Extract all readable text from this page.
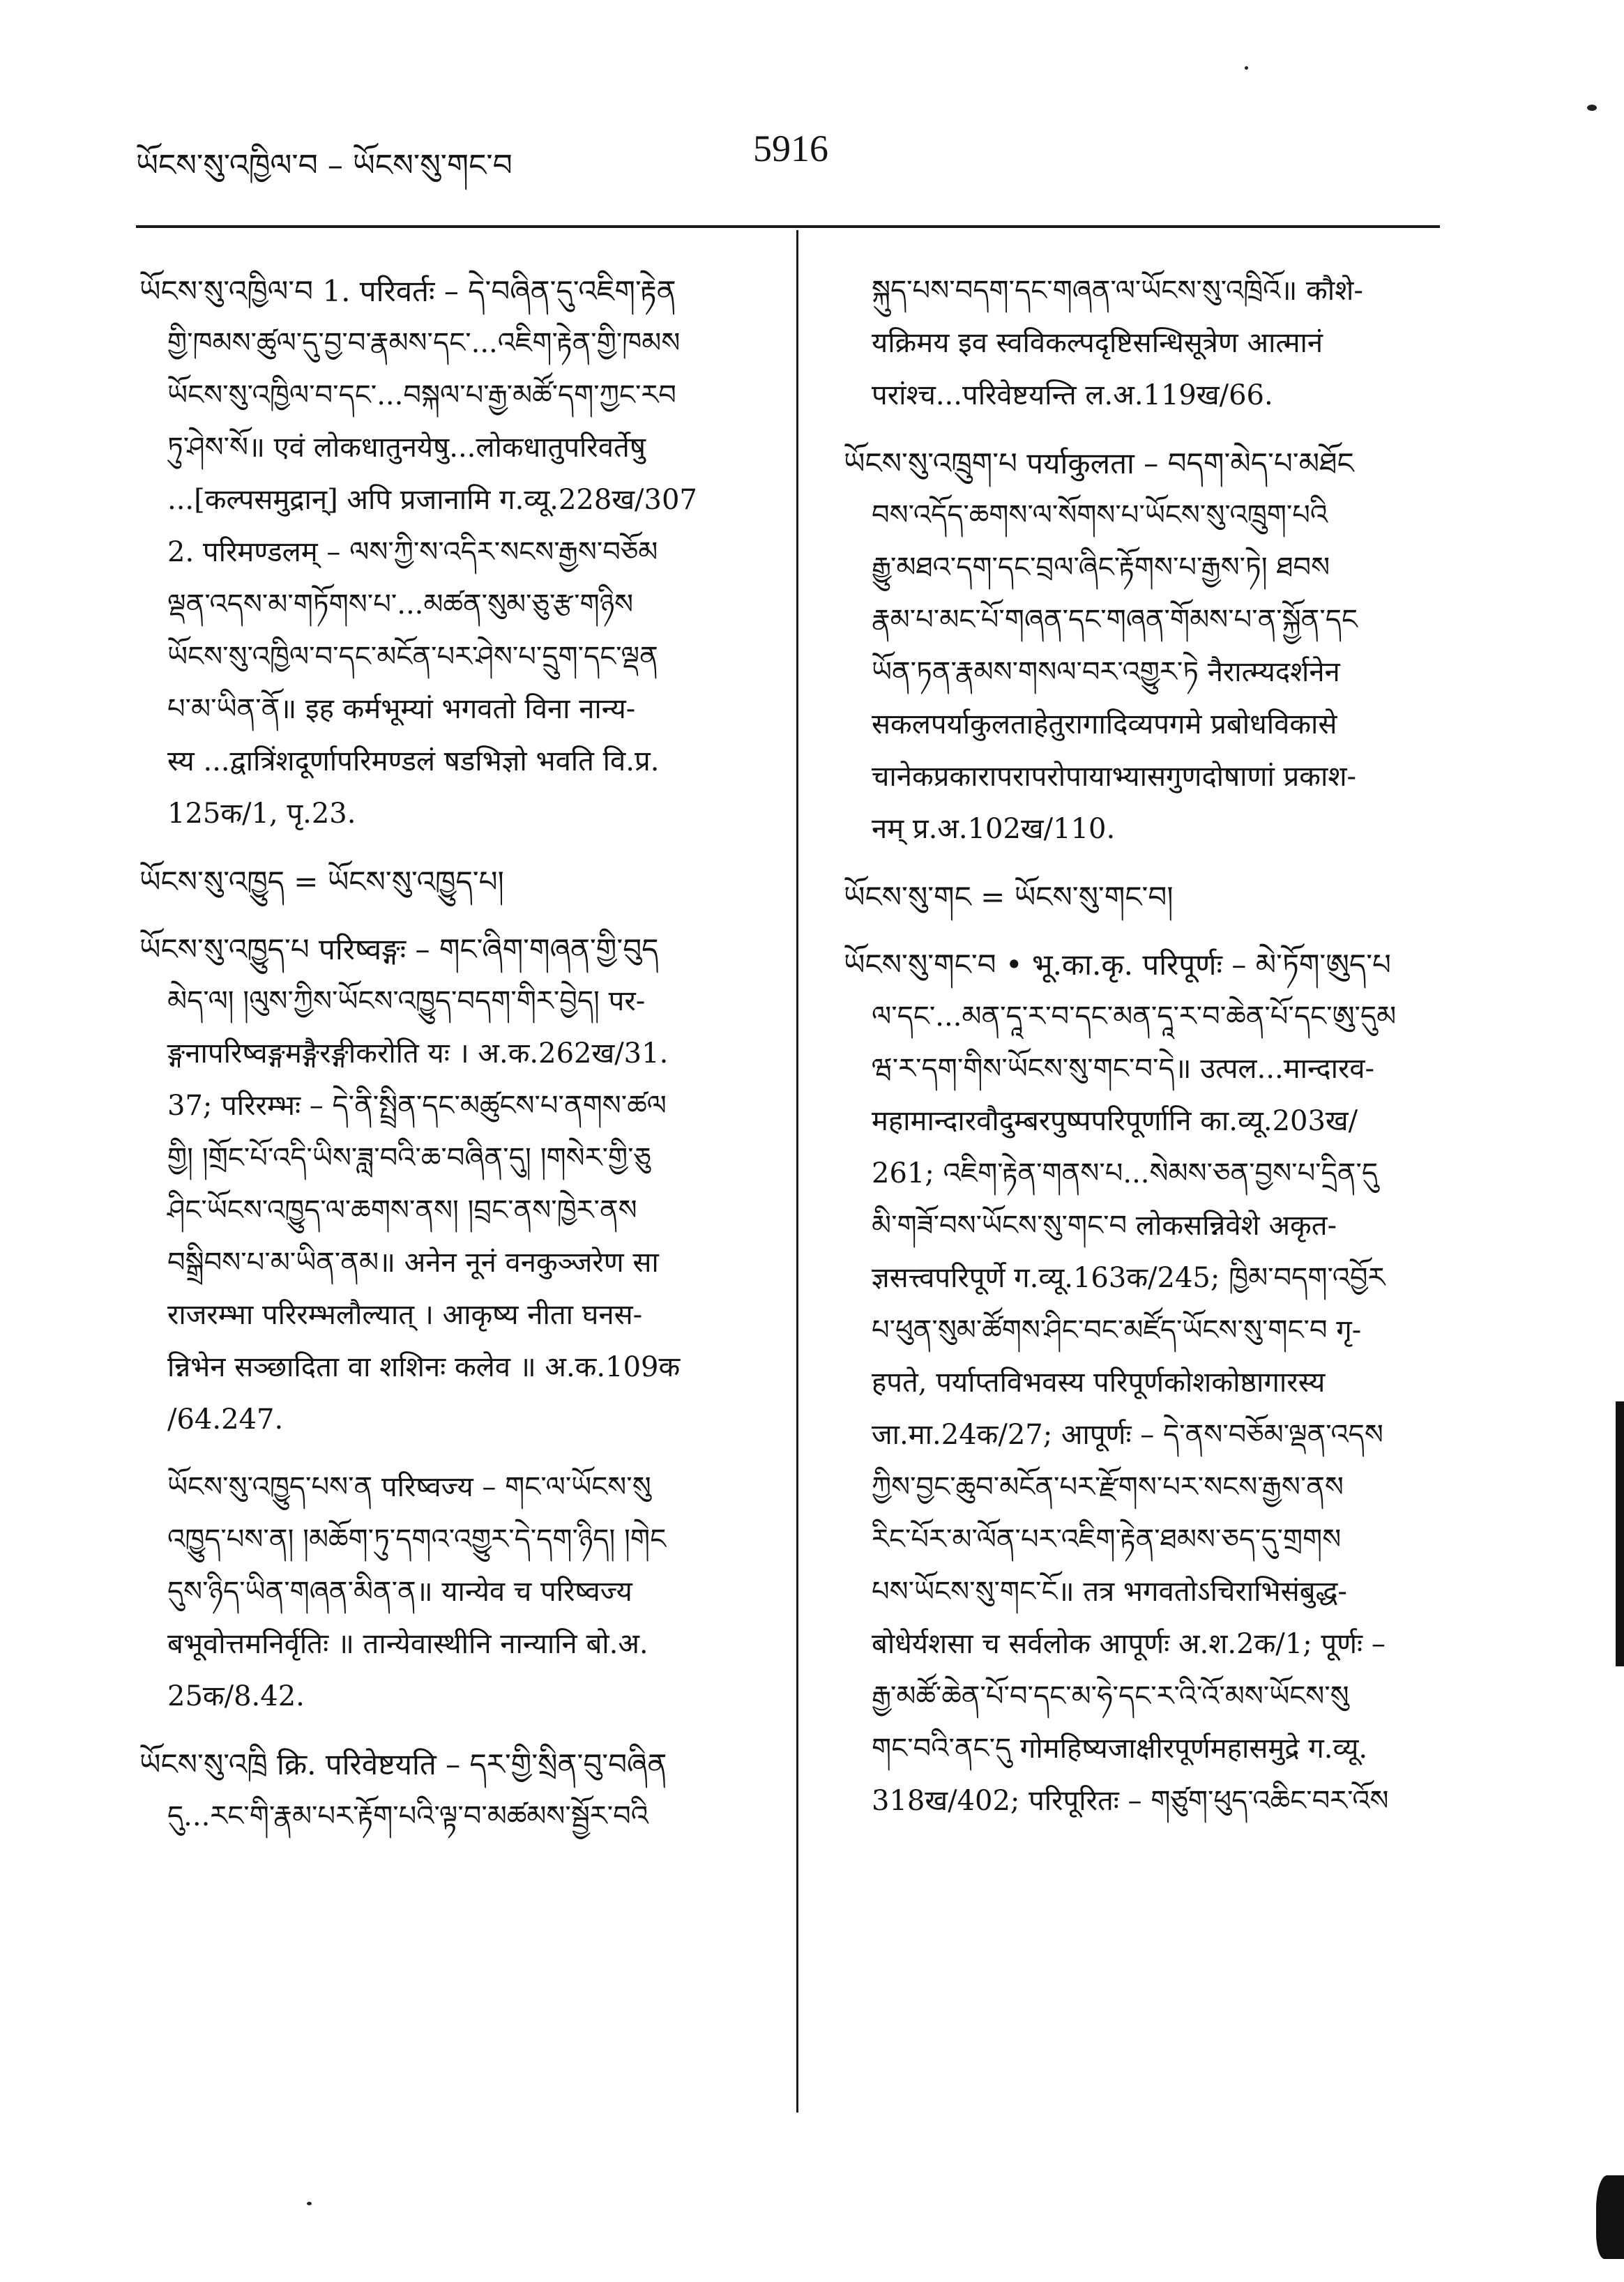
ཡོངས་སུ་འཁྱིལ་བ – ཡོངས་སུ་གང་བ	5916
ཡོངས་སུ་འཁྱིལ་བ 1. परिवर्तः – དེ་བཞིན་དུ་འཇིག་རྟེན
གྱི་ཁམས་ཚུལ་དུ་བྱ་བ་རྣམས་དང་...འཇིག་རྟེན་གྱི་ཁམས
ཡོངས་སུ་འཁྱིལ་བ་དང་...བསྐལ་པ་རྒྱ་མཚོ་དག་ཀྱང་རབ
ཏུ་ཤེས་སོ॥ एवं लोकधातुनयेषु...लोकधातुपरिवर्तेषु
...[कल्पसमुद्रान्] अपि प्रजानामि ग.व्यू.228ख/307
2. परिमण्डलम् – ལས་ཀྱི་ས་འདིར་སངས་རྒྱས་བཅོམ
ལྡན་འདས་མ་གཏོགས་པ་...མཚན་སུམ་ཅུ་རྩ་གཉིས
ཡོངས་སུ་འཁྱིལ་བ་དང་མངོན་པར་ཤེས་པ་དྲུག་དང་ལྡན
པ་མ་ཡིན་ནོ॥ इह कर्मभूम्यां भगवतो विना नान्य-
स्य ...द्वात्रिंशदूर्णापरिमण्डलं षडभिज्ञो भवति वि.प्र.
125क/1, पृ.23.
ཡོངས་སུ་འཁྱུད = ཡོངས་སུ་འཁྱུད་པ།
ཡོངས་སུ་འཁྱུད་པ परिष्वङ्गः – གང་ཞིག་གཞན་གྱི་བུད
མེད་ལ། །ལུས་ཀྱིས་ཡོངས་འཁྱུད་བདག་གིར་བྱེད། पर-
ङ्गनापरिष्वङ्गमङ्गैरङ्गीकरोति यः । अ.क.262ख/31.
37; परिरम्भः – དེ་ནི་སྤྲིན་དང་མཚུངས་པ་ནགས་ཚལ
གྱི། །གྲོང་པོ་འདི་ཡིས་ཟླ་བའི་ཆ་བཞིན་དུ། །གསེར་གྱི་ཅུ
ཤིང་ཡོངས་འཁྱུད་ལ་ཆགས་ནས། །བྲང་ནས་ཁྱེར་ནས
བསྒྲིབས་པ་མ་ཡིན་ནམ॥ अनेन नूनं वनकुञ्जरेण सा
राजरम्भा परिरम्भलौल्यात् । आकृष्य नीता घनस-
न्निभेन सञ्छादिता वा शशिनः कलेव ॥ अ.क.109क
/64.247.
ཡོངས་སུ་འཁྱུད་པས་ན परिष्वज्य – གང་ལ་ཡོངས་སུ
འཁྱུད་པས་ན། །མཆོག་ཏུ་དགའ་འགྱུར་དེ་དག་ཉིད། །གེང
དུས་ཉིད་ཡིན་གཞན་མིན་ན॥ यान्येव च परिष्वज्य
बभूवोत्तमनिर्वृतिः ॥ तान्येवास्थीनि नान्यानि बो.अ.
25क/8.42.
ཡོངས་སུ་འཁྲི क्रि. परिवेष्टयति – དར་གྱི་སྲིན་བུ་བཞིན
དུ...རང་གི་རྣམ་པར་རྟོག་པའི་ལྟ་བ་མཚམས་སྦྱོར་བའི
སྐུད་པས་བདག་དང་གཞན་ལ་ཡོངས་སུ་འཁྲིའོ॥ कौशे-
यक्रिमय इव स्वविकल्पदृष्टिसन्धिसूत्रेण आत्मानं
परांश्च...परिवेष्टयन्ति ल.अ.119ख/66.
ཡོངས་སུ་འཁྲུག་པ पर्याकुलता – བདག་མེད་པ་མཐོང
བས་འདོད་ཆགས་ལ་སོགས་པ་ཡོངས་སུ་འཁྲུག་པའི
རྒྱུ་མཐའ་དག་དང་བྲལ་ཞིང་རྟོགས་པ་རྒྱས་ཏེ། ཐབས
རྣམ་པ་མང་པོ་གཞན་དང་གཞན་གོམས་པ་ན་སྐྱོན་དང
ཡོན་ཏན་རྣམས་གསལ་བར་འགྱུར་ཏེ नैरात्म्यदर्शनेन
सकलपर्याकुलताहेतुरागादिव्यपगमे प्रबोधविकासे
चानेकप्रकारापरापरोपायाभ्यासगुणदोषाणां प्रकाश-
नम् प्र.अ.102ख/110.
ཡོངས་སུ་གང = ཡོངས་སུ་གང་བ།
ཡོངས་སུ་གང་བ • भू.का.कृ. परिपूर्णः – མེ་ཏོག་ཨུད་པ
ལ་དང་...མན་དཱ་ར་བ་དང་མན་དཱ་ར་བ་ཆེན་པོ་དང་ཨུ་དུམ
ཝ་ར་དག་གིས་ཡོངས་སུ་གང་བ་དེ॥ उत्पल...मान्दारव-
महामान्दारवौदुम्बरपुष्पपरिपूर्णानि का.व्यू.203ख/
261; འཇིག་རྟེན་གནས་པ...སེམས་ཅན་བྱས་པ་དྲིན་དུ
མི་གཟོ་བས་ཡོངས་སུ་གང་བ लोकसन्निवेशे अकृत-
ज्ञसत्त्वपरिपूर्णे ग.व्यू.163क/245; ཁྱིམ་བདག་འབྱོར
པ་ཕུན་སུམ་ཚོགས་ཤིང་བང་མཛོད་ཡོངས་སུ་གང་བ गृ-
हपते, पर्याप्तविभवस्य परिपूर्णकोशकोष्ठागारस्य
जा.मा.24क/27; आपूर्णः – དེ་ནས་བཅོམ་ལྡན་འདས
ཀྱིས་བྱང་ཆུབ་མངོན་པར་རྫོགས་པར་སངས་རྒྱས་ནས
རིང་པོར་མ་ལོན་པར་འཇིག་རྟེན་ཐམས་ཅད་དུ་གྲགས
པས་ཡོངས་སུ་གང་ངོ॥ तत्र भगवतोऽचिराभिसंबुद्ध-
बोधेर्यशसा च सर्वलोक आपूर्णः अ.श.2क/1; पूर्णः –
རྒྱ་མཚོ་ཆེན་པོ་བ་དང་མ་ཧེ་དང་ར་འི་འོ་མས་ཡོངས་སུ
གང་བའི་ནང་དུ गोमहिष्यजाक्षीरपूर्णमहासमुद्रे ग.व्यू.
318ख/402; परिपूरितः – གཙུག་ཕུད་འཆིང་བར་འོས
